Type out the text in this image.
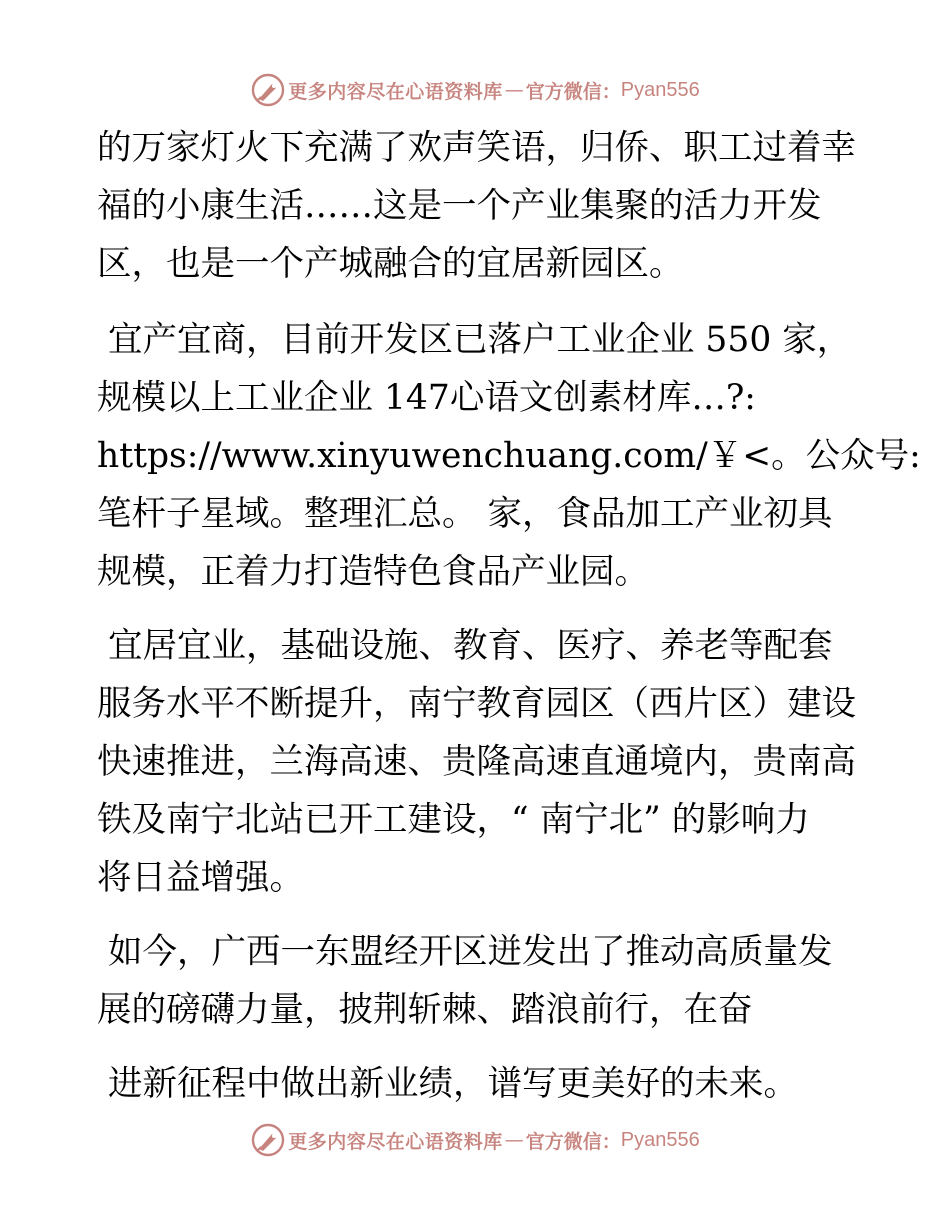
更多内容尽在心语资料库 — 官方微信： Pyan556
的万家灯火下充满了欢声笑语，归侨、职工过着幸
福的小康生活……这是一个产业集聚的活力开发
区，也是一个产城融合的宜居新园区。
宜产宜商，目前开发区已落户工业企业 550 家，
规模以上工业企业 147心语文创素材库…?:
https://www.xinyuwenchuang.com/￥<。公众号:
笔杆子星域。整理汇总。 家，食品加工产业初具
规模，正着力打造特色食品产业园。
宜居宜业，基础设施、教育、医疗、养老等配套
服务水平不断提升，南宁教育园区（西片区）建设
快速推进，兰海高速、贵隆高速直通境内，贵南高
铁及南宁北站已开工建设，“ 南宁北” 的影响力
将日益增强。
如今，广西一东盟经开区迸发出了推动高质量发
展的磅礴力量，披荆斩棘、踏浪前行，在奋
进新征程中做出新业绩，谱写更美好的未来。
更多内容尽在心语资料库 — 官方微信： Pyan556
